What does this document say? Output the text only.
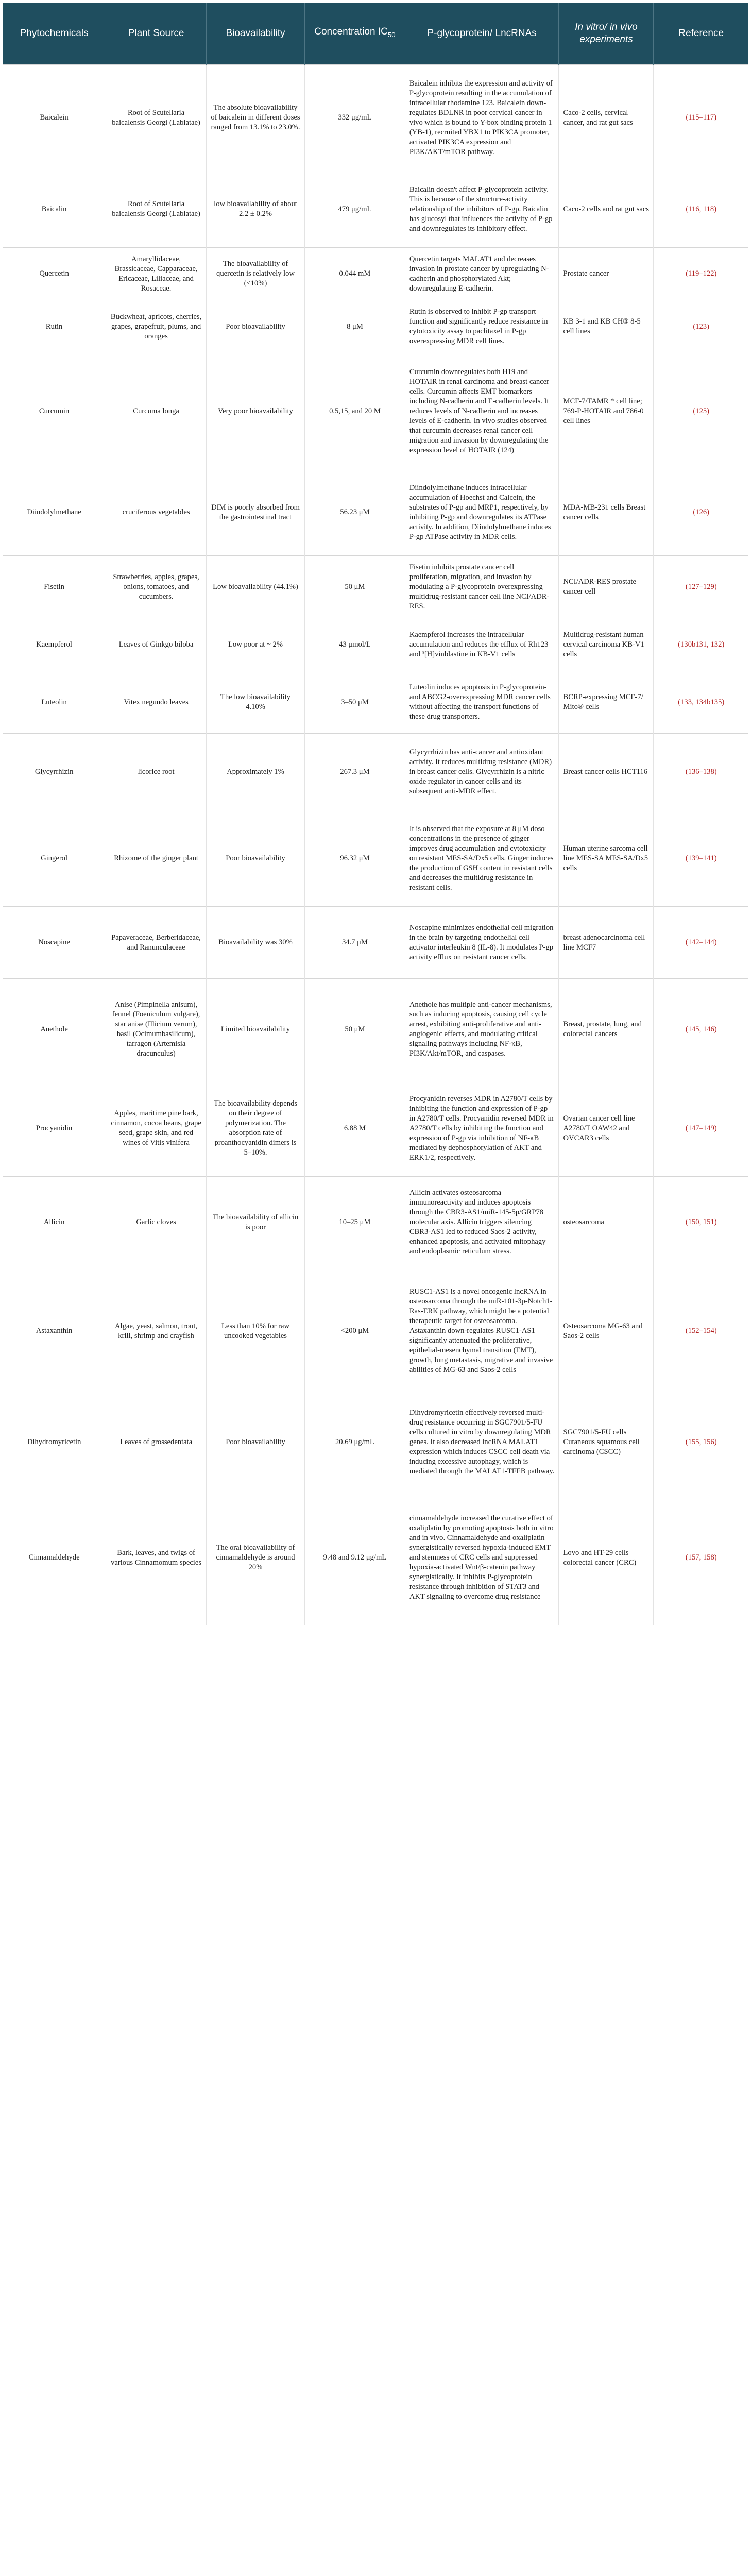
Phytochemicals	Plant Source	Bioavailability	Concentration $IC_{50}$	P-glycoprotein/ LncRNAs	In vitro/ in vivo experiments	Reference
Baicalein	Root of Scutellaria baicalensis Georgi (Labiatae)	The absolute bioavailability of baicalein in different doses ranged from 13.1% to 23.0%.	332 μg/mL	Baicalein inhibits the expression and activity of P-glycoprotein resulting in the accumulation of intracellular rhodamine 123. Baicalein down-regulates BDLNR in poor cervical cancer in vivo which is bound to Y-box binding protein 1 (YB-1), recruited YBX1 to PIK3CA promoter, activated PIK3CA expression and PI3K/AKT/mTOR pathway.	Caco-2 cells, cervical cancer, and rat gut sacs	(115–117)
Baicalin	Root of Scutellaria baicalensis Georgi (Labiatae)	low bioavailability of about 2.2 ± 0.2%	479 μg/mL	Baicalin doesn't affect P-glycoprotein activity. This is because of the structure-activity relationship of the inhibitors of P-gp. Baicalin has glucosyl that influences the activity of P-gp and downregulates its inhibitory effect.	Caco-2 cells and rat gut sacs	(116, 118)
Quercetin	Amaryllidaceae, Brassicaceae, Capparaceae, Ericaceae, Liliaceae, and Rosaceae.	The bioavailability of quercetin is relatively low (<10%)	0.044 mM	Quercetin targets MALAT1 and decreases invasion in prostate cancer by upregulating N-cadherin and phosphorylated Akt; downregulating E-cadherin.	Prostate cancer	(119–122)
Rutin	Buckwheat, apricots, cherries, grapes, grapefruit, plums, and oranges	Poor bioavailability	8 μM	Rutin is observed to inhibit P-gp transport function and significantly reduce resistance in cytotoxicity assay to paclitaxel in P-gp overexpressing MDR cell lines.	KB 3-1 and KB CH® 8-5 cell lines	(123)
Curcumin	Curcuma longa	Very poor bioavailability	0.5,15, and 20 M	Curcumin downregulates both H19 and HOTAIR in renal carcinoma and breast cancer cells. Curcumin affects EMT biomarkers including N-cadherin and E-cadherin levels. It reduces levels of N-cadherin and increases levels of E-cadherin. In vivo studies observed that curcumin decreases renal cancer cell migration and invasion by downregulating the expression level of HOTAIR (124)	MCF-7/TAMR * cell line; 769-P-HOTAIR and 786-0 cell lines	(125)
Diindolylmethane	cruciferous vegetables	DIM is poorly absorbed from the gastrointestinal tract	56.23 μM	Diindolylmethane induces intracellular accumulation of Hoechst and Calcein, the substrates of P-gp and MRP1, respectively, by inhibiting P-gp and downregulates its ATPase activity. In addition, Diindolylmethane induces P-gp ATPase activity in MDR cells.	MDA-MB-231 cells Breast cancer cells	(126)
Fisetin	Strawberries, apples, grapes, onions, tomatoes, and cucumbers.	Low bioavailability (44.1%)	50 μM	Fisetin inhibits prostate cancer cell proliferation, migration, and invasion by modulating a P-glycoprotein overexpressing multidrug-resistant cancer cell line NCI/ADR-RES.	NCI/ADR-RES prostate cancer cell	(127–129)
Kaempferol	Leaves of Ginkgo biloba	Low poor at ~ 2%	43 μmol/L	Kaempferol increases the intracellular accumulation and reduces the efflux of Rh123 and ³[H]vinblastine in KB-V1 cells	Multidrug-resistant human cervical carcinoma KB-V1 cells	(130b131, 132)
Luteolin	Vitex negundo leaves	The low bioavailability 4.10%	3–50 μM	Luteolin induces apoptosis in P-glycoprotein- and ABCG2-overexpressing MDR cancer cells without affecting the transport functions of these drug transporters.	BCRP-expressing MCF-7/ Mito® cells	(133, 134b135)
Glycyrrhizin	licorice root	Approximately 1%	267.3 μM	Glycyrrhizin has anti-cancer and antioxidant activity. It reduces multidrug resistance (MDR) in breast cancer cells. Glycyrrhizin is a nitric oxide regulator in cancer cells and its subsequent anti-MDR effect.	Breast cancer cells HCT116	(136–138)
Gingerol	Rhizome of the ginger plant	Poor bioavailability	96.32 μM	It is observed that the exposure at 8 μM doso concentrations in the presence of ginger improves drug accumulation and cytotoxicity on resistant MES-SA/Dx5 cells. Ginger induces the production of GSH content in resistant cells and decreases the multidrug resistance in resistant cells.	Human uterine sarcoma cell line MES-SA MES-SA/Dx5 cells	(139–141)
Noscapine	Papaveraceae, Berberidaceae, and Ranunculaceae	Bioavailability was 30%	34.7 μM	Noscapine minimizes endothelial cell migration in the brain by targeting endothelial cell activator interleukin 8 (IL-8). It modulates P-gp activity efflux on resistant cancer cells.	breast adenocarcinoma cell line MCF7	(142–144)
Anethole	Anise (Pimpinella anisum), fennel (Foeniculum vulgare), star anise (Illicium verum), basil (Ocimumbasilicum), tarragon (Artemisia dracunculus)	Limited bioavailability	50 μM	Anethole has multiple anti-cancer mechanisms, such as inducing apoptosis, causing cell cycle arrest, exhibiting anti-proliferative and anti-angiogenic effects, and modulating critical signaling pathways including NF-κB, PI3K/Akt/mTOR, and caspases.	Breast, prostate, lung, and colorectal cancers	(145, 146)
Procyanidin	Apples, maritime pine bark, cinnamon, cocoa beans, grape seed, grape skin, and red wines of Vitis vinifera	The bioavailability depends on their degree of polymerization. The absorption rate of proanthocyanidin dimers is 5–10%.	6.88 M	Procyanidin reverses MDR in A2780/T cells by inhibiting the function and expression of P-gp in A2780/T cells. Procyanidin reversed MDR in A2780/T cells by inhibiting the function and expression of P-gp via inhibition of NF-κB mediated by dephosphorylation of AKT and ERK1/2, respectively.	Ovarian cancer cell line A2780/T OAW42 and OVCAR3 cells	(147–149)
Allicin	Garlic cloves	The bioavailability of allicin is poor	10–25 μM	Allicin activates osteosarcoma immunoreactivity and induces apoptosis through the CBR3-AS1/miR-145-5p/GRP78 molecular axis. Allicin triggers silencing CBR3-AS1 led to reduced Saos-2 activity, enhanced apoptosis, and activated mitophagy and endoplasmic reticulum stress.	osteosarcoma	(150, 151)
Astaxanthin	Algae, yeast, salmon, trout, krill, shrimp and crayfish	Less than 10% for raw uncooked vegetables	<200 μM	RUSC1-AS1 is a novel oncogenic lncRNA in osteosarcoma through the miR-101-3p-Notch1-Ras-ERK pathway, which might be a potential therapeutic target for osteosarcoma. Astaxanthin down-regulates RUSC1-AS1 significantly attenuated the proliferative, epithelial-mesenchymal transition (EMT), growth, lung metastasis, migrative and invasive abilities of MG-63 and Saos-2 cells	Osteosarcoma MG-63 and Saos-2 cells	(152–154)
Dihydromyricetin	Leaves of grossedentata	Poor bioavailability	20.69 μg/mL	Dihydromyricetin effectively reversed multi-drug resistance occurring in SGC7901/5-FU cells cultured in vitro by downregulating MDR genes. It also decreased lncRNA MALAT1 expression which induces CSCC cell death via inducing excessive autophagy, which is mediated through the MALAT1-TFEB pathway.	SGC7901/5-FU cells Cutaneous squamous cell carcinoma (CSCC)	(155, 156)
Cinnamaldehyde	Bark, leaves, and twigs of various Cinnamomum species	The oral bioavailability of cinnamaldehyde is around 20%	9.48 and 9.12 μg/mL	cinnamaldehyde increased the curative effect of oxaliplatin by promoting apoptosis both in vitro and in vivo. Cinnamaldehyde and oxaliplatin synergistically reversed hypoxia-induced EMT and stemness of CRC cells and suppressed hypoxia-activated Wnt/β-catenin pathway synergistically. It inhibits P-glycoprotein resistance through inhibition of STAT3 and AKT signaling to overcome drug resistance	Lovo and HT-29 cells colorectal cancer (CRC)	(157, 158)
